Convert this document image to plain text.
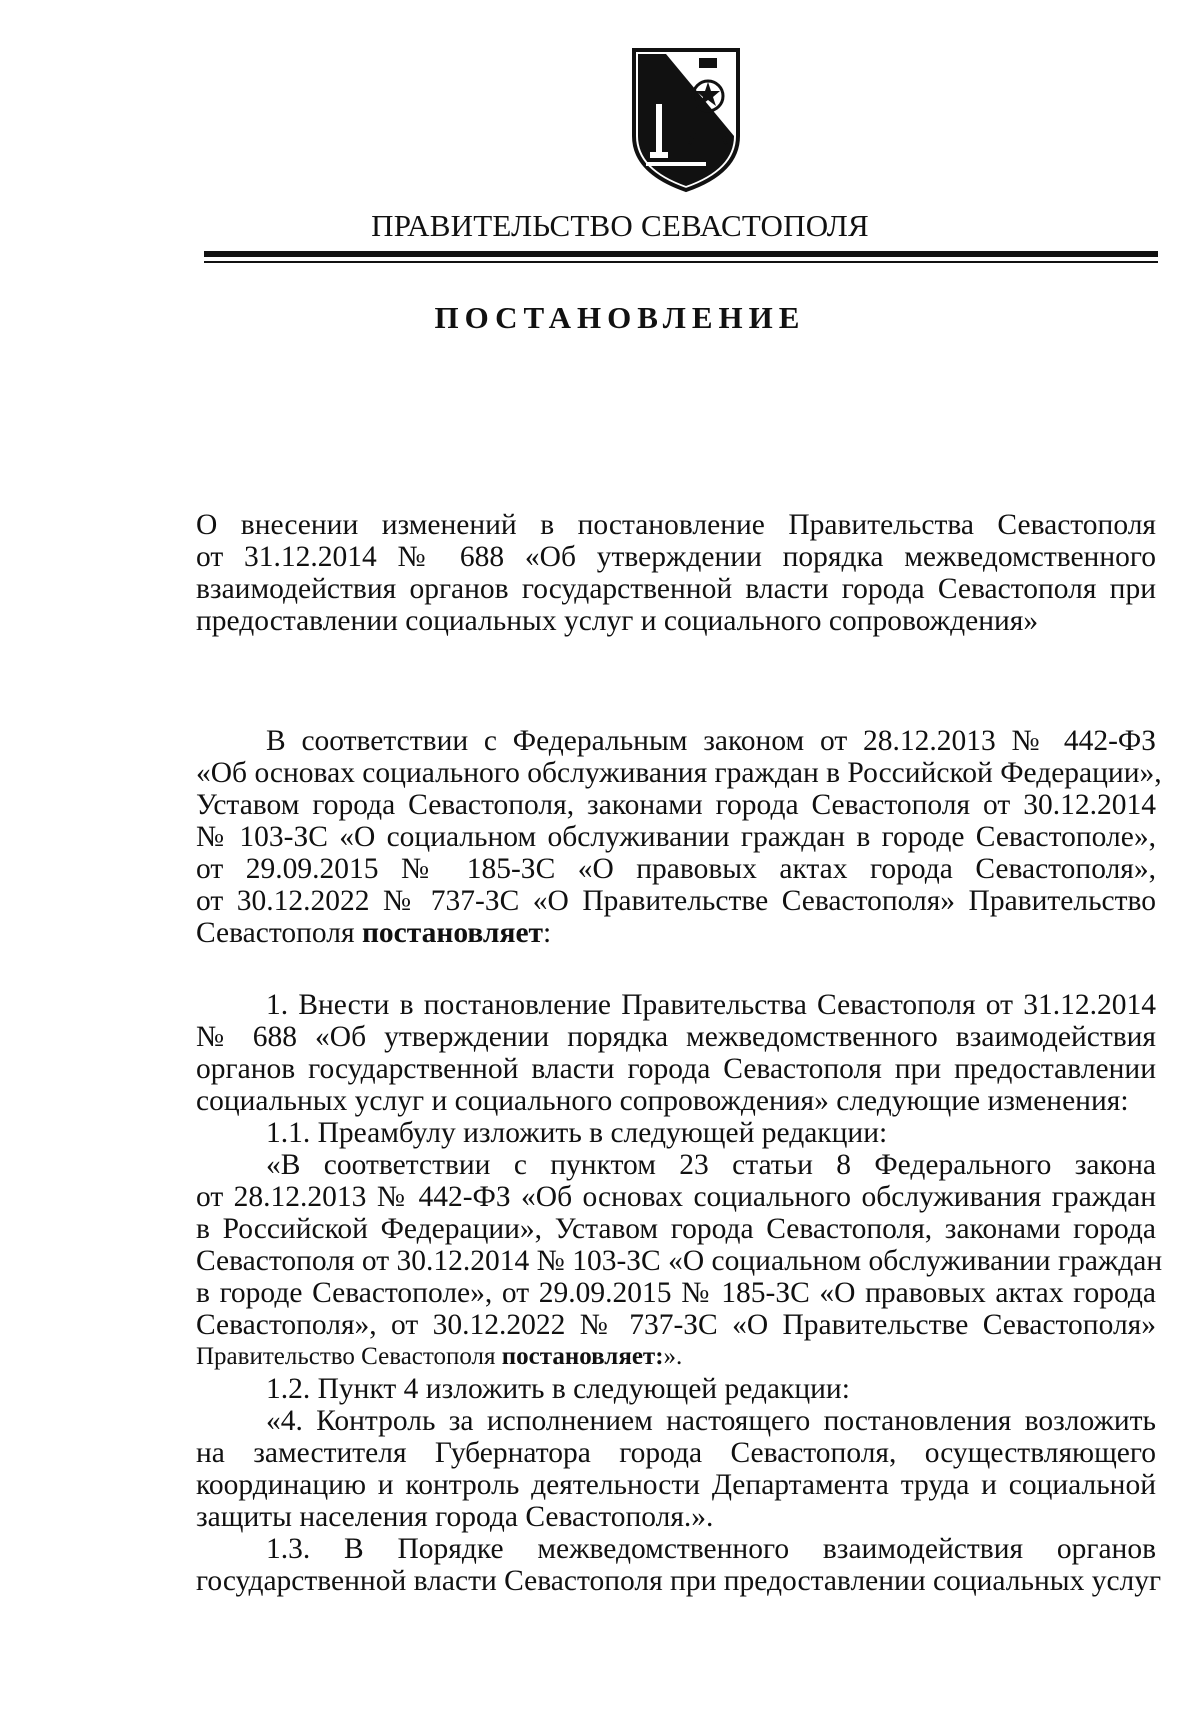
ПРАВИТЕЛЬСТВО СЕВАСТОПОЛЯ
ПОСТАНОВЛЕНИЕ
О внесении изменений в постановление Правительства Севастополя
от 31.12.2014 № 688 «Об утверждении порядка межведомственного
взаимодействия органов государственной власти города Севастополя при
предоставлении социальных услуг и социального сопровождения»
В соответствии с Федеральным законом от 28.12.2013 № 442-ФЗ
«Об основах социального обслуживания граждан в Российской Федерации»,
Уставом города Севастополя, законами города Севастополя от 30.12.2014
№ 103-ЗС «О социальном обслуживании граждан в городе Севастополе»,
от 29.09.2015 № 185-ЗС «О правовых актах города Севастополя»,
от 30.12.2022 № 737-ЗС «О Правительстве Севастополя» Правительство
Севастополя постановляет:
1. Внести в постановление Правительства Севастополя от 31.12.2014
№ 688 «Об утверждении порядка межведомственного взаимодействия
органов государственной власти города Севастополя при предоставлении
социальных услуг и социального сопровождения» следующие изменения:
1.1. Преамбулу изложить в следующей редакции:
«В соответствии с пунктом 23 статьи 8 Федерального закона
от 28.12.2013 № 442-ФЗ «Об основах социального обслуживания граждан
в Российской Федерации», Уставом города Севастополя, законами города
Севастополя от 30.12.2014 № 103-ЗС «О социальном обслуживании граждан
в городе Севастополе», от 29.09.2015 № 185-ЗС «О правовых актах города
Севастополя», от 30.12.2022 № 737-ЗС «О Правительстве Севастополя»
Правительство Севастополя постановляет:».
1.2. Пункт 4 изложить в следующей редакции:
«4. Контроль за исполнением настоящего постановления возложить
на заместителя Губернатора города Севастополя, осуществляющего
координацию и контроль деятельности Департамента труда и социальной
защиты населения города Севастополя.».
1.3. В Порядке межведомственного взаимодействия органов
государственной власти Севастополя при предоставлении социальных услуг
